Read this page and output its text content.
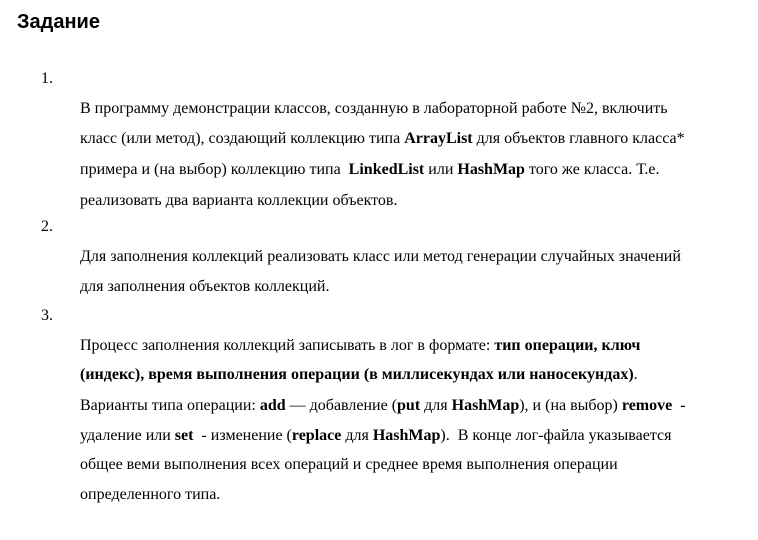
Задание
1.

В программу демонстрации классов, созданную в лабораторной работе №2, включить

класс (или метод), создающий коллекцию типа ArrayList для объектов главного класса*

примера и (на выбор) коллекцию типа  LinkedList или HashMap того же класса. Т.е.

реализовать два варианта коллекции объектов.

2.

Для заполнения коллекций реализовать класс или метод генерации случайных значений

для заполнения объектов коллекций.

3.

Процесс заполнения коллекций записывать в лог в формате: тип операции, ключ

(индекс), время выполнения операции (в миллисекундах или наносекундах).

Варианты типа операции: add — добавление (put для HashMap), и (на выбор) remove  -

удаление или set  - изменение (replace для HashMap).  В конце лог-файла указывается

общее веми выполнения всех операций и среднее время выполнения операции

определенного типа.
